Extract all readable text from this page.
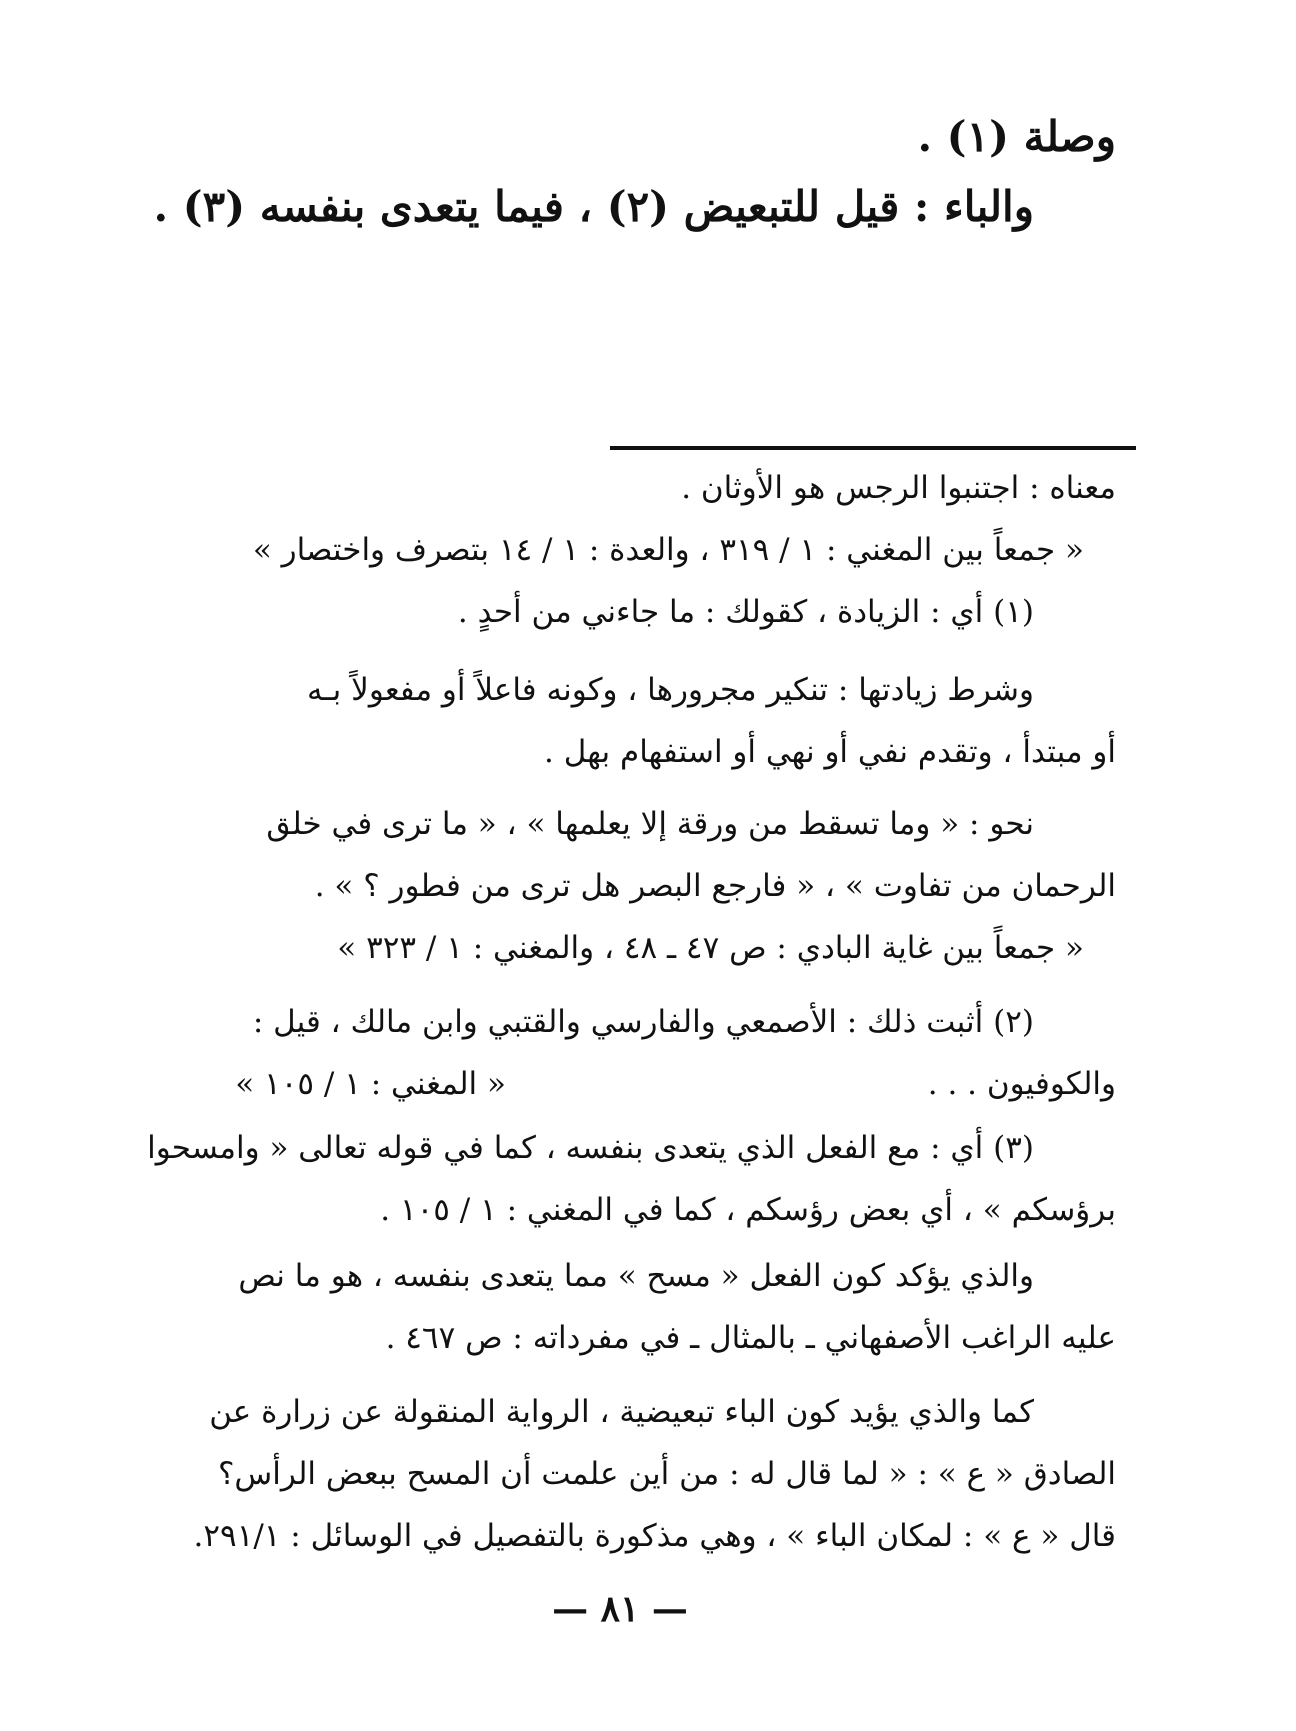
وصلة (١) .
والباء : قيل للتبعيض (٢) ، فيما يتعدى بنفسه (٣) .
معناه : اجتنبوا الرجس هو الأوثان .
« جمعاً بين المغني : ١ / ٣١٩ ، والعدة : ١ / ١٤ بتصرف واختصار »
(١) أي : الزيادة ، كقولك : ما جاءني من أحدٍ .
وشرط زيادتها : تنكير مجرورها ، وكونه فاعلاً أو مفعولاً بـه
أو مبتدأ ، وتقدم نفي أو نهي أو استفهام بهل .
نحو : « وما تسقط من ورقة إلا يعلمها » ، « ما ترى في خلق
الرحمان من تفاوت » ، « فارجع البصر هل ترى من فطور ؟ » .
« جمعاً بين غاية البادي : ص ٤٧ ـ ٤٨ ، والمغني : ١ / ٣٢٣ »
(٢) أثبت ذلك : الأصمعي والفارسي والقتبي وابن مالك ، قيل :
والكوفيون . . .
« المغني : ١ / ١٠٥ »
(٣) أي : مع الفعل الذي يتعدى بنفسه ، كما في قوله تعالى « وامسحوا
برؤسكم » ، أي بعض رؤسكم ، كما في المغني : ١ / ١٠٥ .
والذي يؤكد كون الفعل « مسح » مما يتعدى بنفسه ، هو ما نص
عليه الراغب الأصفهاني ـ بالمثال ـ في مفرداته : ص ٤٦٧ .
كما والذي يؤيد كون الباء تبعيضية ، الرواية المنقولة عن زرارة عن
الصادق « ع » : « لما قال له : من أين علمت أن المسح ببعض الرأس؟
قال « ع » : لمكان الباء » ، وهي مذكورة بالتفصيل في الوسائل : ٢٩١/١.
— ٨١ —
